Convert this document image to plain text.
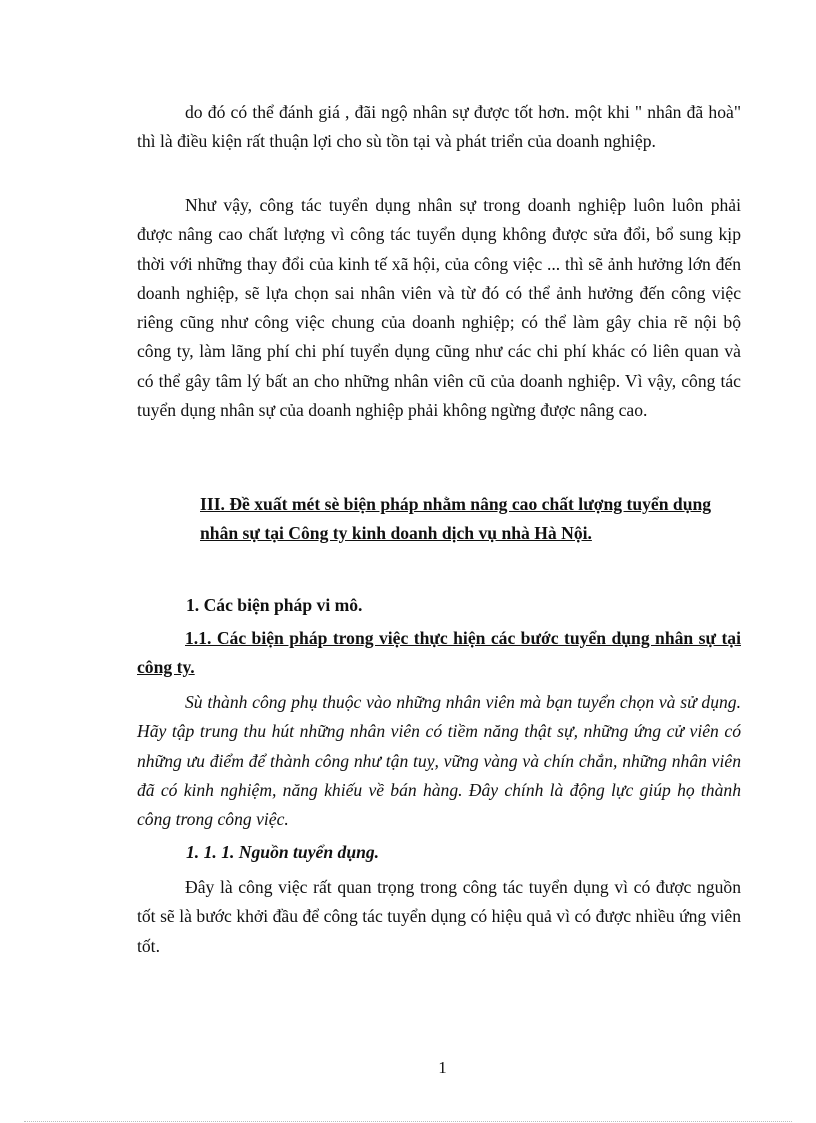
do đó có thể đánh giá , đãi ngộ nhân sự được tốt hơn. một khi " nhân đã hoà" thì là điều kiện rất thuận lợi cho sù tồn tại và phát triển của doanh nghiệp.

Như vậy, công tác tuyển dụng nhân sự trong doanh nghiệp luôn luôn phải được nâng cao chất lượng vì công tác tuyển dụng không được sửa đổi, bổ sung kịp thời với những thay đổi của kinh tế xã hội, của công việc ... thì sẽ ảnh hưởng lớn đến doanh nghiệp, sẽ lựa chọn sai nhân viên và từ đó có thể ảnh hưởng đến công việc riêng cũng như công việc chung của doanh nghiệp; có thể làm gây chia rẽ nội bộ công ty, làm lãng phí chi phí tuyển dụng cũng như các chi phí khác có liên quan và có thể gây tâm lý bất an cho những nhân viên cũ của doanh nghiệp. Vì vậy, công tác tuyển dụng nhân sự của doanh nghiệp phải không ngừng được nâng cao.

III. Đề xuất mét sè biện pháp nhằm nâng cao chất lượng tuyển dụng nhân sự tại Công ty kinh doanh dịch vụ nhà Hà Nội.

1. Các biện pháp vi mô.

1.1. Các biện pháp trong việc thực hiện các bước tuyển dụng nhân sự tại công ty.

Sù thành công phụ thuộc vào những nhân viên mà bạn tuyển chọn và sử dụng. Hãy tập trung thu hút những nhân viên có tiềm năng thật sự, những ứng cử viên có những ưu điểm để thành công như tận tuỵ, vững vàng và chín chắn, những nhân viên đã có kinh nghiệm, năng khiếu về bán hàng. Đây chính là động lực giúp họ thành công trong công việc.

1. 1. 1. Nguồn tuyển dụng.

Đây là công việc rất quan trọng trong công tác tuyển dụng vì có được nguồn tốt sẽ là bước khởi đầu để công tác tuyển dụng có hiệu quả vì có được nhiều ứng viên tốt.

1
